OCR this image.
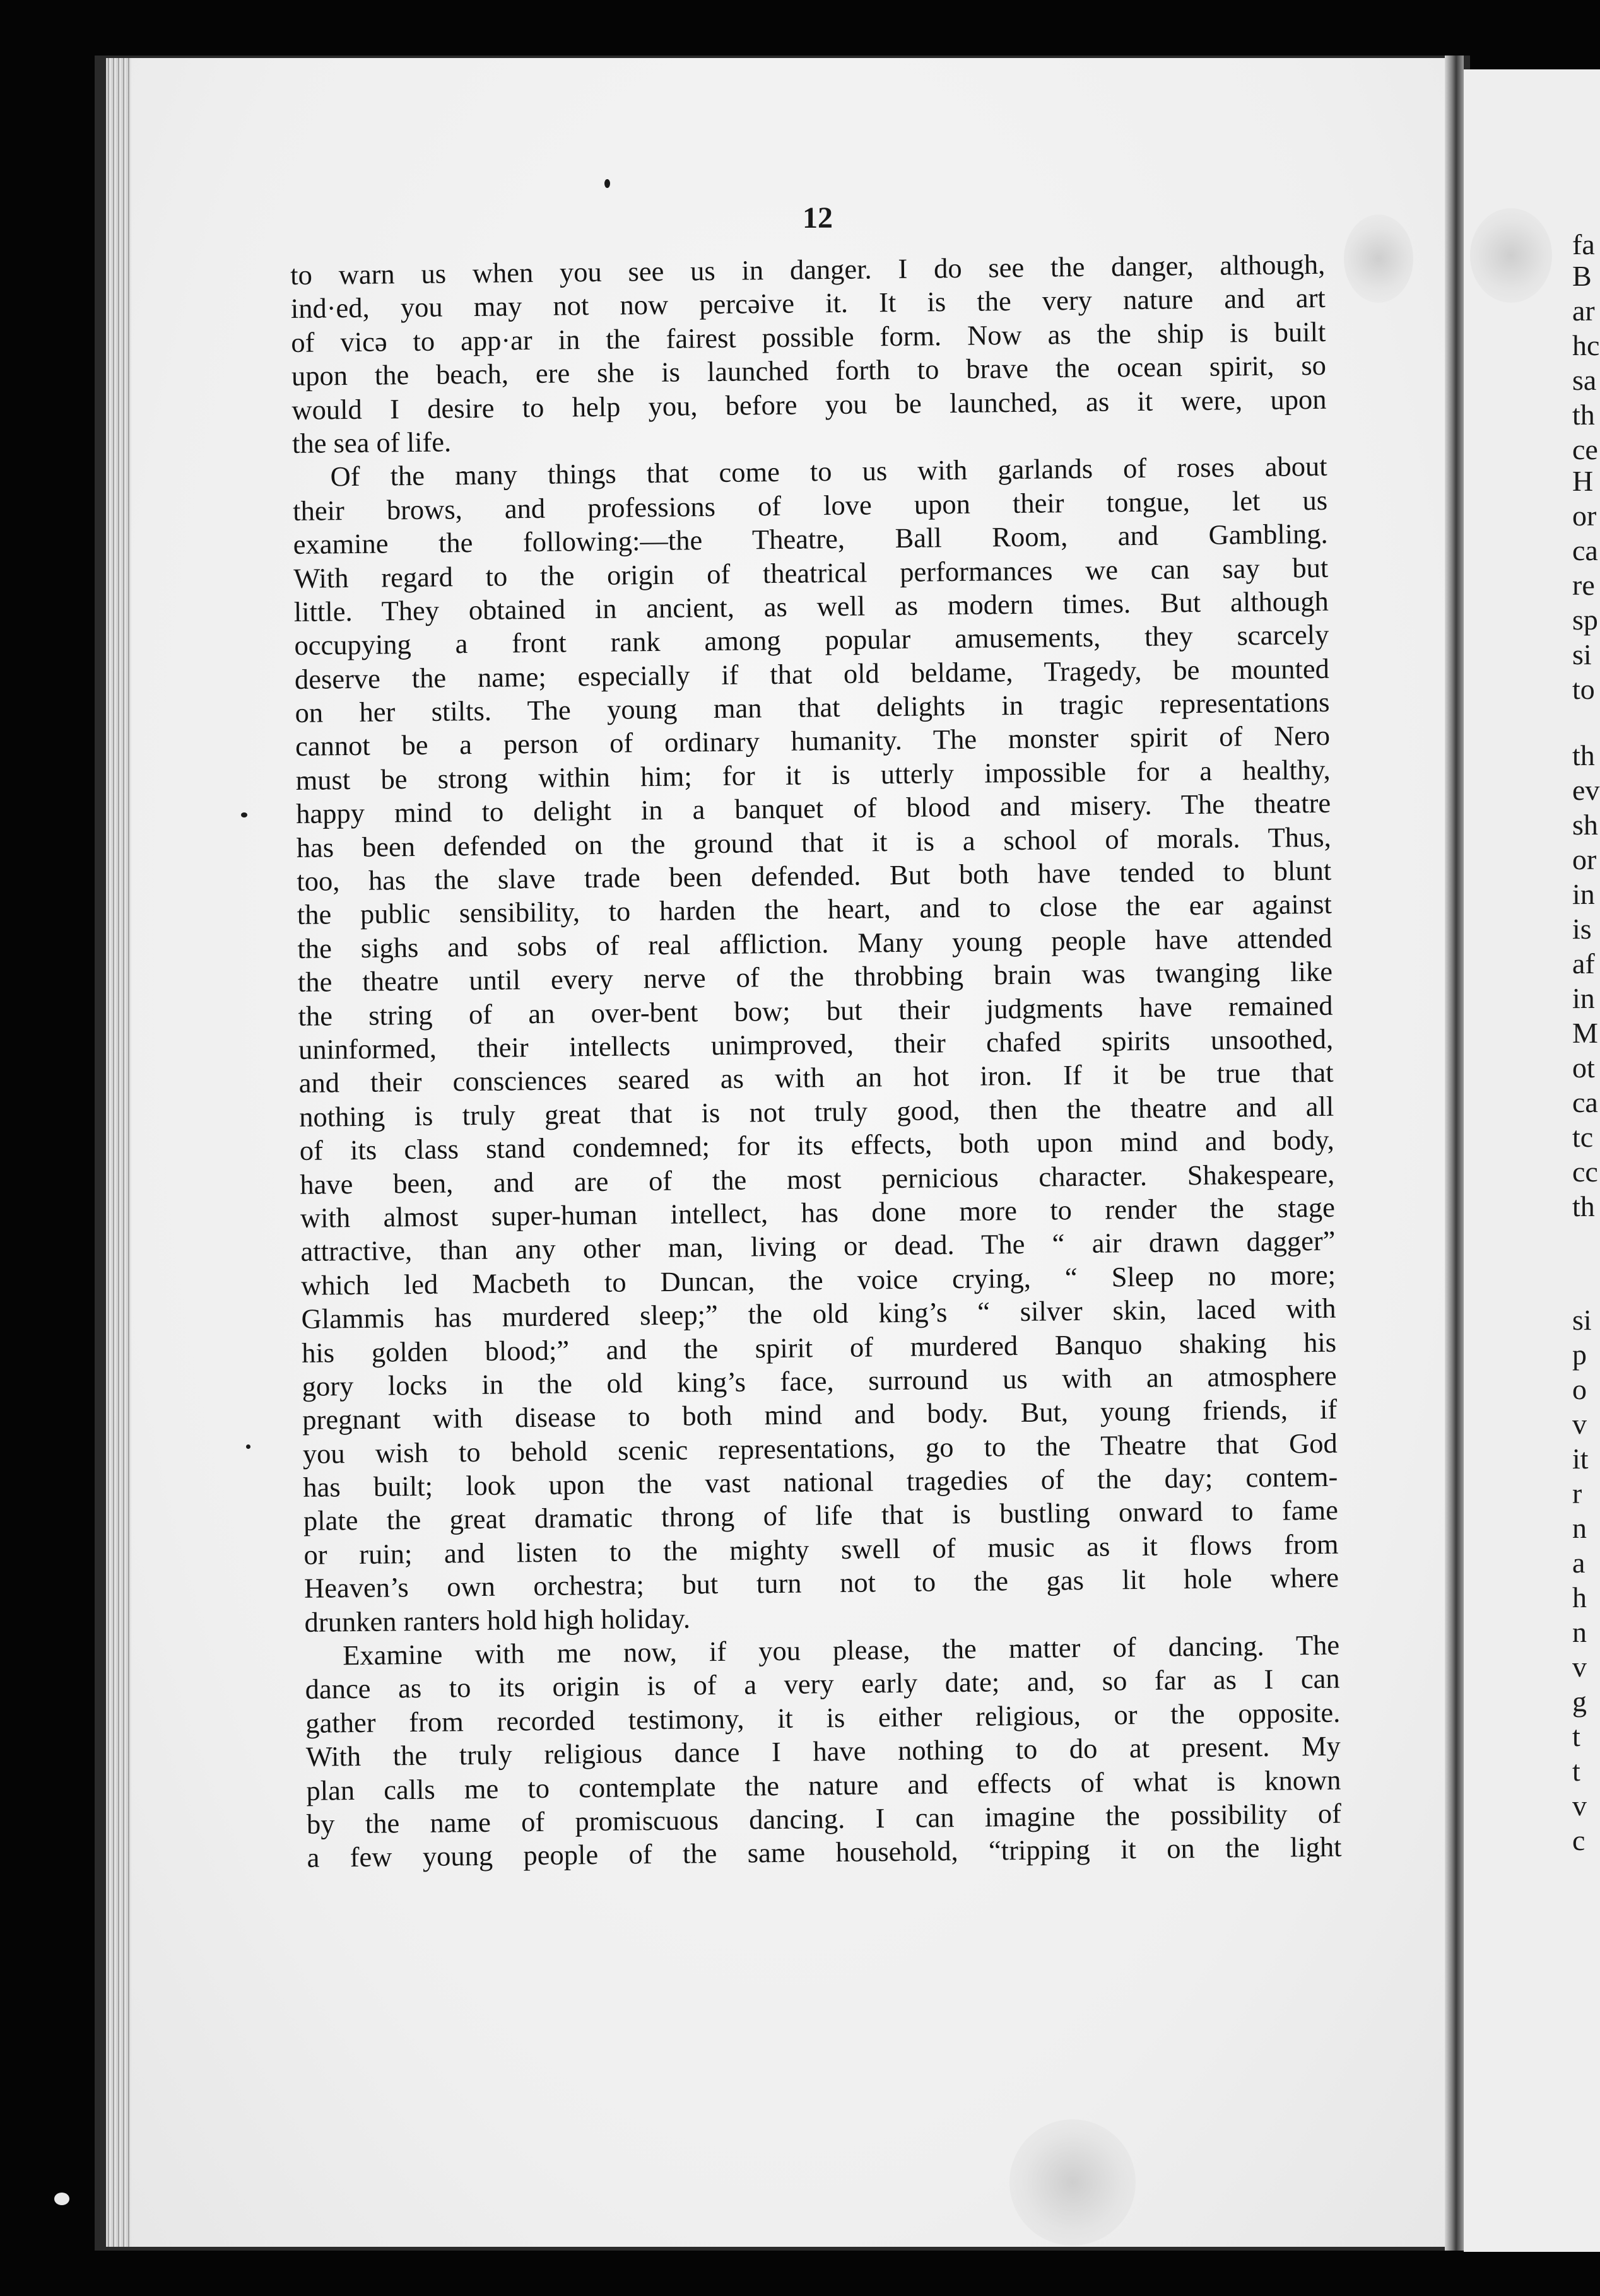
fa
B
ar
hc
sa
th
ce
H
or
ca
re
sp
si
to
th
ev
sh
or
in
is
af
in
M
ot
ca
tc
cc
th
si
p
o
v
it
r
n
a
h
n
v
g
t
t
v
c
12
to warn us when you see us in danger. I do see the danger, although,
ind·ed, you may not now percəive it. It is the very nature and art
of vicə to app·ar in the fairest possible form. Now as the ship is built
upon the beach, ere she is launched forth to brave the ocean spirit, so
would I desire to help you, before you be launched, as it were, upon
the sea of life.
Of the many things that come to us with garlands of roses about
their brows, and professions of love upon their tongue, let us
examine the following:—the Theatre, Ball Room, and Gambling.
With regard to the origin of theatrical performances we can say but
little. They obtained in ancient, as well as modern times. But although
occupying a front rank among popular amusements, they scarcely
deserve the name; especially if that old beldame, Tragedy, be mounted
on her stilts. The young man that delights in tragic representations
cannot be a person of ordinary humanity. The monster spirit of Nero
must be strong within him; for it is utterly impossible for a healthy,
happy mind to delight in a banquet of blood and misery. The theatre
has been defended on the ground that it is a school of morals. Thus,
too, has the slave trade been defended. But both have tended to blunt
the public sensibility, to harden the heart, and to close the ear against
the sighs and sobs of real affliction. Many young people have attended
the theatre until every nerve of the throbbing brain was twanging like
the string of an over-bent bow; but their judgments have remained
uninformed, their intellects unimproved, their chafed spirits unsoothed,
and their consciences seared as with an hot iron. If it be true that
nothing is truly great that is not truly good, then the theatre and all
of its class stand condemned; for its effects, both upon mind and body,
have been, and are of the most pernicious character. Shakespeare,
with almost super-human intellect, has done more to render the stage
attractive, than any other man, living or dead. The “ air drawn dagger”
which led Macbeth to Duncan, the voice crying, “ Sleep no more;
Glammis has murdered sleep;” the old king’s “ silver skin, laced with
his golden blood;” and the spirit of murdered Banquo shaking his
gory locks in the old king’s face, surround us with an atmosphere
pregnant with disease to both mind and body. But, young friends, if
you wish to behold scenic representations, go to the Theatre that God
has built; look upon the vast national tragedies of the day; contem-
plate the great dramatic throng of life that is bustling onward to fame
or ruin; and listen to the mighty swell of music as it flows from
Heaven’s own orchestra; but turn not to the gas lit hole where
drunken ranters hold high holiday.
Examine with me now, if you please, the matter of dancing. The
dance as to its origin is of a very early date; and, so far as I can
gather from recorded testimony, it is either religious, or the opposite.
With the truly religious dance I have nothing to do at present. My
plan calls me to contemplate the nature and effects of what is known
by the name of promiscuous dancing. I can imagine the possibility of
a few young people of the same household, “tripping it on the light
